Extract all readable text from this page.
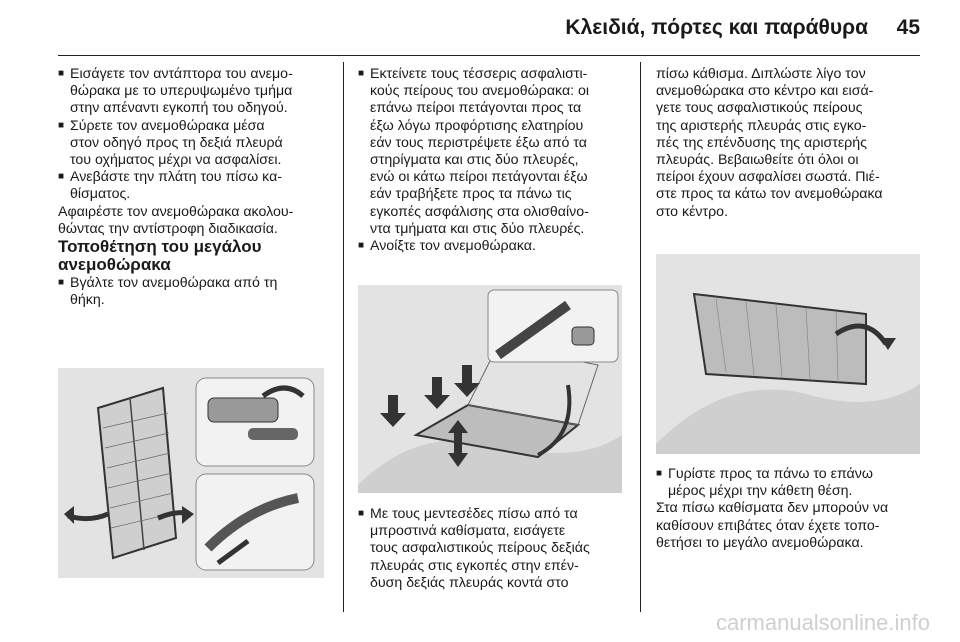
Κλειδιά, πόρτες και παράθυρα 45

■ Εισάγετε τον αντάπτορα του ανεμο-
θώρακα με το υπερυψωμένο τμήμα
στην απέναντι εγκοπή του οδηγού.

■ Σύρετε τον ανεμοθώρακα μέσα
στον οδηγό προς τη δεξιά πλευρά
του οχήματος μέχρι να ασφαλίσει.

■ Ανεβάστε την πλάτη του πίσω κα-
θίσματος.

Αφαιρέστε τον ανεμοθώρακα ακολου-
θώντας την αντίστροφη διαδικασία.

Τοποθέτηση του μεγάλου
ανεμοθώρακα

■ Βγάλτε τον ανεμοθώρακα από τη
θήκη.

■ Εκτείνετε τους τέσσερις ασφαλιστι-
κούς πείρους του ανεμοθώρακα: οι
επάνω πείροι πετάγονται προς τα
έξω λόγω προφόρτισης ελατηρίου
εάν τους περιστρέψετε έξω από τα
στηρίγματα και στις δύο πλευρές,
ενώ οι κάτω πείροι πετάγονται έξω
εάν τραβήξετε προς τα πάνω τις
εγκοπές ασφάλισης στα ολισθαίνο-
ντα τμήματα και στις δύο πλευρές.

■ Ανοίξτε τον ανεμοθώρακα.

■ Με τους μεντεσέδες πίσω από τα
μπροστινά καθίσματα, εισάγετε
τους ασφαλιστικούς πείρους δεξιάς
πλευράς στις εγκοπές στην επέν-
δυση δεξιάς πλευράς κοντά στο

πίσω κάθισμα. Διπλώστε λίγο τον
ανεμοθώρακα στο κέντρο και εισά-
γετε τους ασφαλιστικούς πείρους
της αριστερής πλευράς στις εγκο-
πές της επένδυσης της αριστερής
πλευράς. Βεβαιωθείτε ότι όλοι οι
πείροι έχουν ασφαλίσει σωστά. Πιέ-
στε προς τα κάτω τον ανεμοθώρακα
στο κέντρο.

■ Γυρίστε προς τα πάνω το επάνω
μέρος μέχρι την κάθετη θέση.

Στα πίσω καθίσματα δεν μπορούν να
καθίσουν επιβάτες όταν έχετε τοπο-
θετήσει το μεγάλο ανεμοθώρακα.

carmanualsonline.info
